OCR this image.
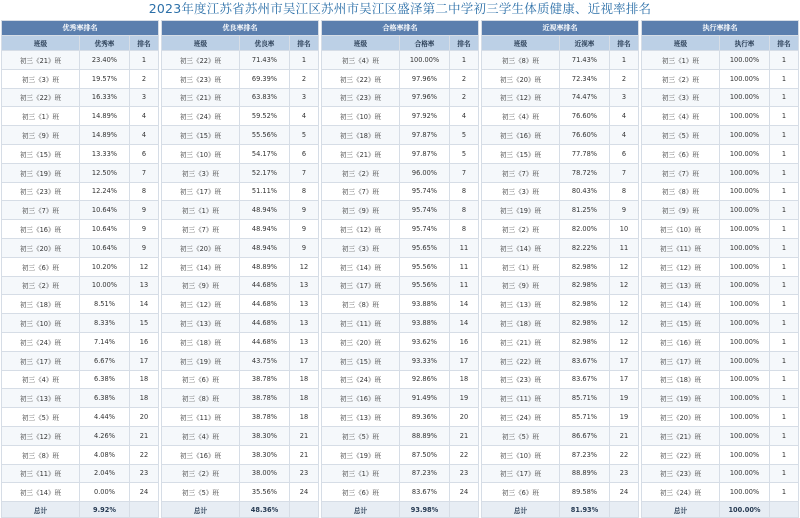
2023年度江苏省苏州市吴江区苏州市吴江区盛泽第二中学初三学生体质健康、近视率排名
优秀率排名		
班级	优秀率	排名
初三《21》班	23.40%	1
初三《3》班	19.57%	2
初三《22》班	16.33%	3
初三《1》班	14.89%	4
初三《9》班	14.89%	4
初三《15》班	13.33%	6
初三《19》班	12.50%	7
初三《23》班	12.24%	8
初三《7》班	10.64%	9
初三《16》班	10.64%	9
初三《20》班	10.64%	9
初三《6》班	10.20%	12
初三《2》班	10.00%	13
初三《18》班	8.51%	14
初三《10》班	8.33%	15
初三《24》班	7.14%	16
初三《17》班	6.67%	17
初三《4》班	6.38%	18
初三《13》班	6.38%	18
初三《5》班	4.44%	20
初三《12》班	4.26%	21
初三《8》班	4.08%	22
初三《11》班	2.04%	23
初三《14》班	0.00%	24
总计	9.92%	
优良率排名		
班级	优良率	排名
初三《22》班	71.43%	1
初三《23》班	69.39%	2
初三《21》班	63.83%	3
初三《24》班	59.52%	4
初三《15》班	55.56%	5
初三《10》班	54.17%	6
初三《3》班	52.17%	7
初三《17》班	51.11%	8
初三《1》班	48.94%	9
初三《7》班	48.94%	9
初三《20》班	48.94%	9
初三《14》班	48.89%	12
初三《9》班	44.68%	13
初三《12》班	44.68%	13
初三《13》班	44.68%	13
初三《18》班	44.68%	13
初三《19》班	43.75%	17
初三《6》班	38.78%	18
初三《8》班	38.78%	18
初三《11》班	38.78%	18
初三《4》班	38.30%	21
初三《16》班	38.30%	21
初三《2》班	38.00%	23
初三《5》班	35.56%	24
总计	48.36%	
合格率排名		
班级	合格率	排名
初三《4》班	100.00%	1
初三《22》班	97.96%	2
初三《23》班	97.96%	2
初三《10》班	97.92%	4
初三《18》班	97.87%	5
初三《21》班	97.87%	5
初三《2》班	96.00%	7
初三《7》班	95.74%	8
初三《9》班	95.74%	8
初三《12》班	95.74%	8
初三《3》班	95.65%	11
初三《14》班	95.56%	11
初三《17》班	95.56%	11
初三《8》班	93.88%	14
初三《11》班	93.88%	14
初三《20》班	93.62%	16
初三《15》班	93.33%	17
初三《24》班	92.86%	18
初三《16》班	91.49%	19
初三《13》班	89.36%	20
初三《5》班	88.89%	21
初三《19》班	87.50%	22
初三《1》班	87.23%	23
初三《6》班	83.67%	24
总计	93.98%	
近视率排名		
班级	近视率	排名
初三《8》班	71.43%	1
初三《20》班	72.34%	2
初三《12》班	74.47%	3
初三《4》班	76.60%	4
初三《16》班	76.60%	4
初三《15》班	77.78%	6
初三《7》班	78.72%	7
初三《3》班	80.43%	8
初三《19》班	81.25%	9
初三《2》班	82.00%	10
初三《14》班	82.22%	11
初三《1》班	82.98%	12
初三《9》班	82.98%	12
初三《13》班	82.98%	12
初三《18》班	82.98%	12
初三《21》班	82.98%	12
初三《22》班	83.67%	17
初三《23》班	83.67%	17
初三《11》班	85.71%	19
初三《24》班	85.71%	19
初三《5》班	86.67%	21
初三《10》班	87.23%	22
初三《17》班	88.89%	23
初三《6》班	89.58%	24
总计	81.93%	
执行率排名		
班级	执行率	排名
初三《1》班	100.00%	1
初三《2》班	100.00%	1
初三《3》班	100.00%	1
初三《4》班	100.00%	1
初三《5》班	100.00%	1
初三《6》班	100.00%	1
初三《7》班	100.00%	1
初三《8》班	100.00%	1
初三《9》班	100.00%	1
初三《10》班	100.00%	1
初三《11》班	100.00%	1
初三《12》班	100.00%	1
初三《13》班	100.00%	1
初三《14》班	100.00%	1
初三《15》班	100.00%	1
初三《16》班	100.00%	1
初三《17》班	100.00%	1
初三《18》班	100.00%	1
初三《19》班	100.00%	1
初三《20》班	100.00%	1
初三《21》班	100.00%	1
初三《22》班	100.00%	1
初三《23》班	100.00%	1
初三《24》班	100.00%	1
总计	100.00%	
